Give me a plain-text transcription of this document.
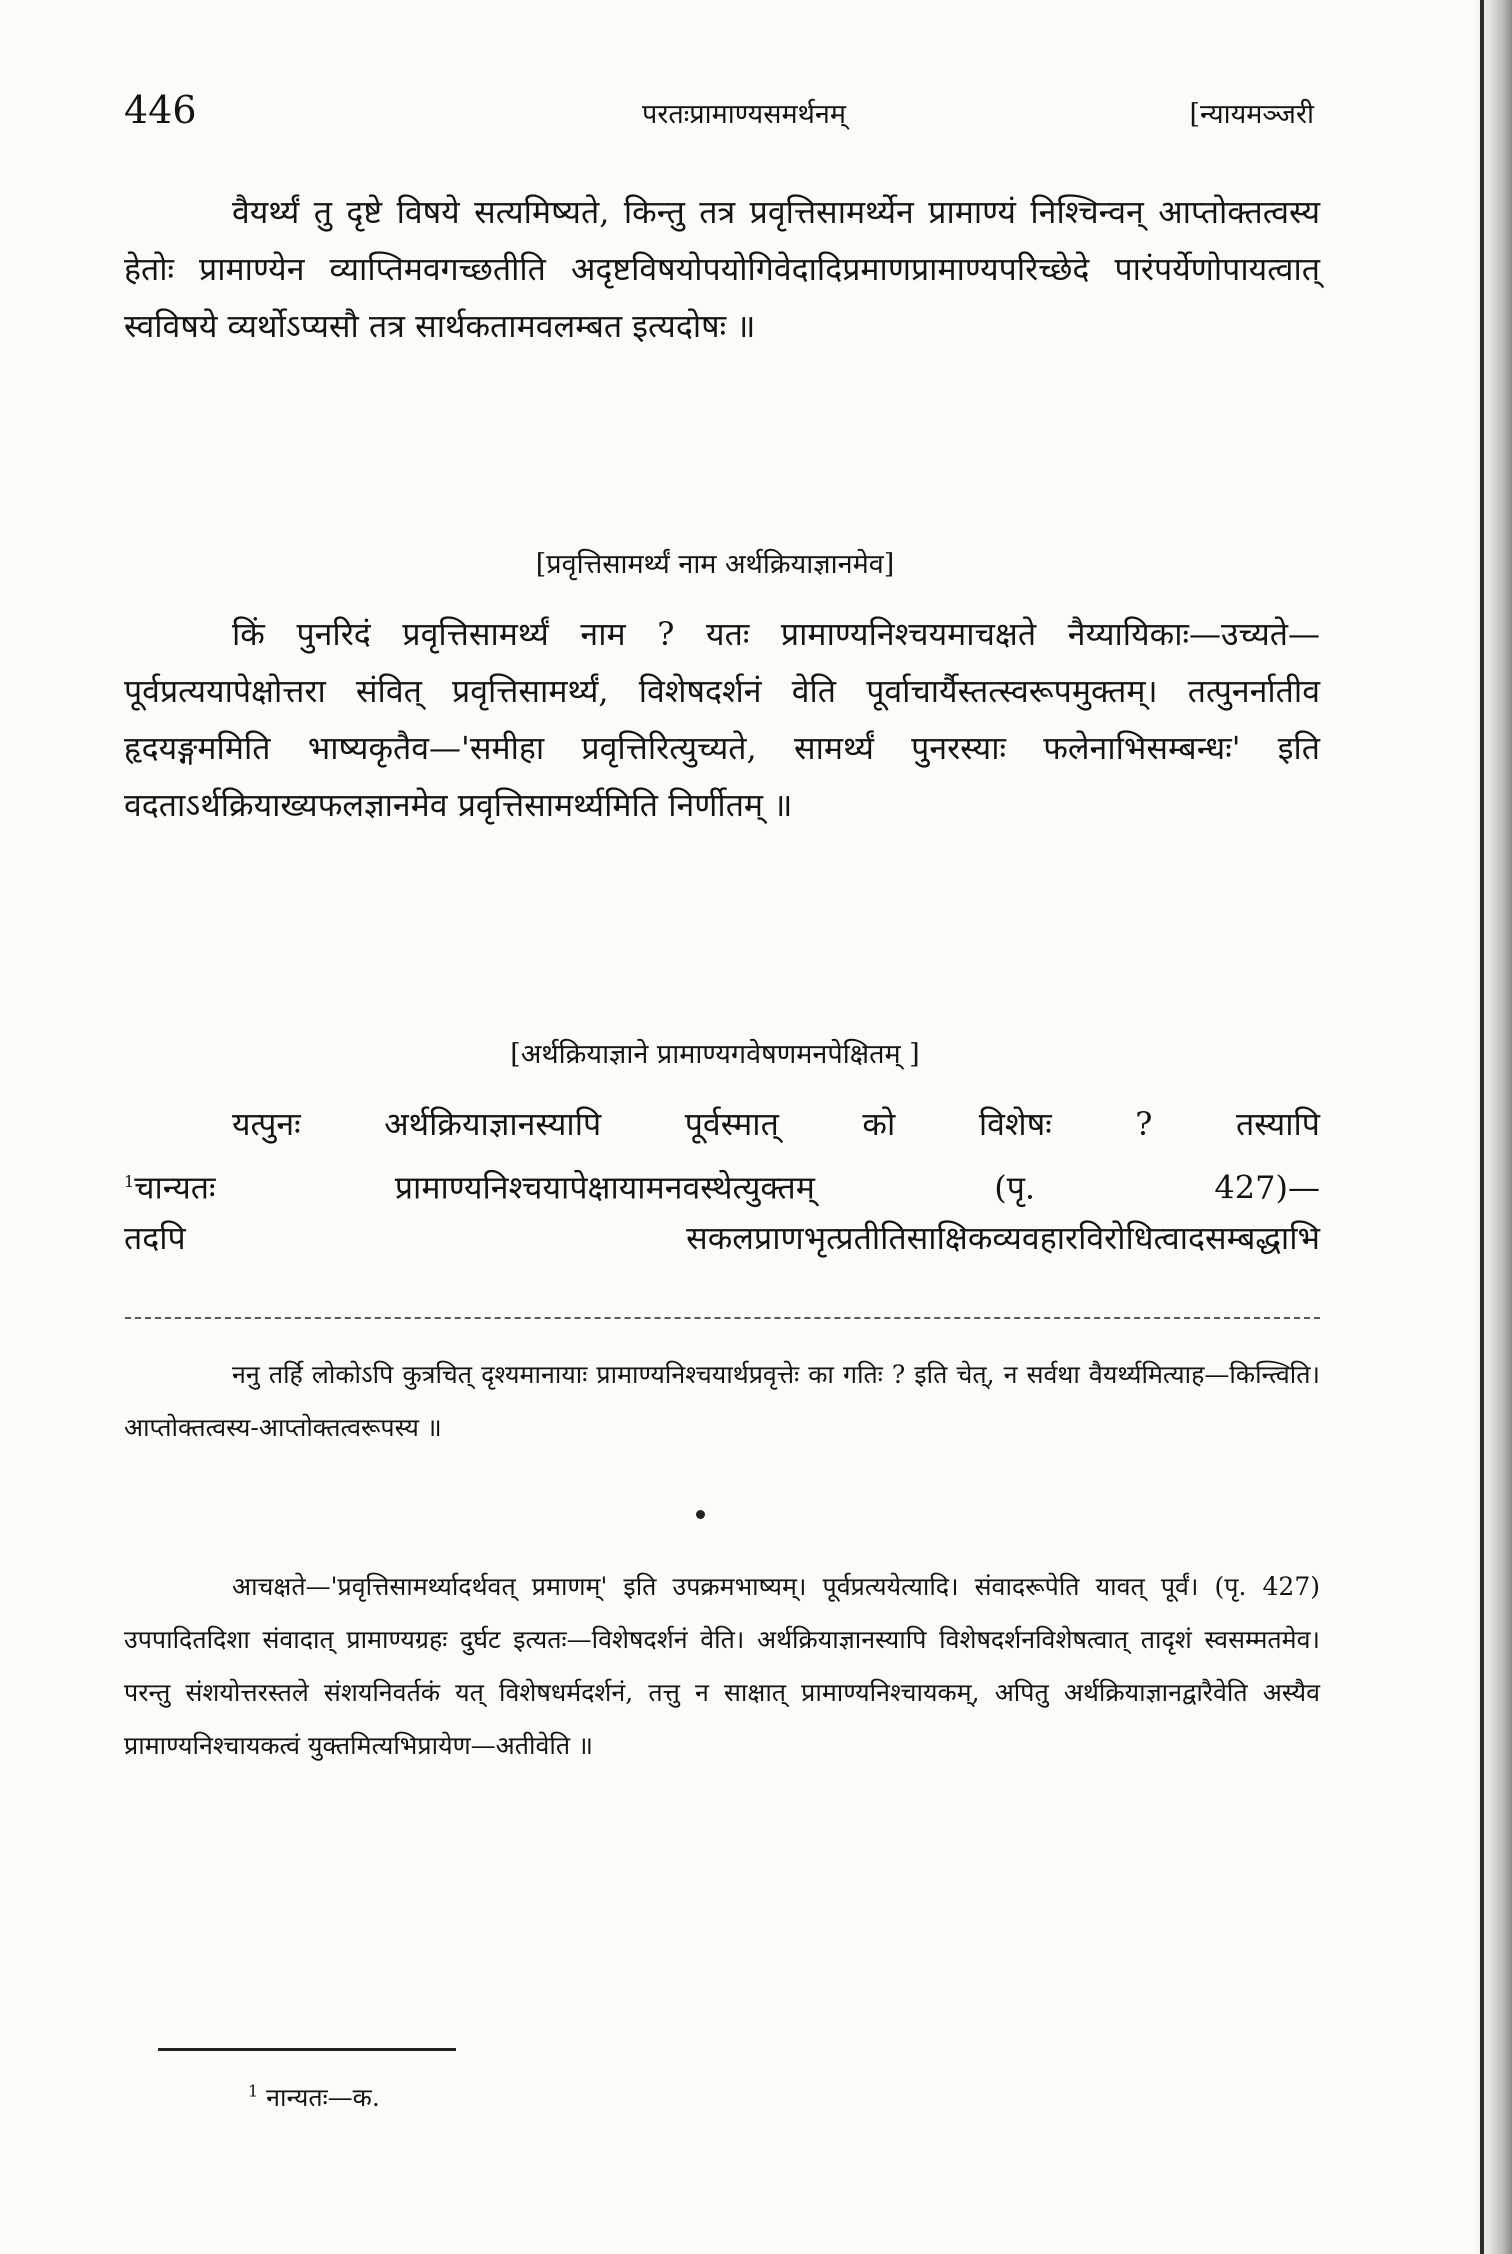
446	परतःप्रामाण्यसमर्थनम्	[न्यायमञ्जरी

वैयर्थ्यं तु दृष्टे विषये सत्यमिष्यते, किन्तु तत्र प्रवृत्तिसामर्थ्येन प्रामाण्यं निश्चिन्वन् आप्तोक्तत्वस्य हेतोः प्रामाण्येन व्याप्तिमवगच्छतीति अदृष्टविषयोपयोगिवेदादिप्रमाणप्रामाण्यपरिच्छेदे पारंपर्येणोपायत्वात् स्वविषये व्यर्थोऽप्यसौ तत्र सार्थकतामवलम्बत इत्यदोषः ॥

[प्रवृत्तिसामर्थ्यं नाम अर्थक्रियाज्ञानमेव]

किं पुनरिदं प्रवृत्तिसामर्थ्यं नाम ? यतः प्रामाण्यनिश्चयमाचक्षते नैय्यायिकाः—उच्यते—पूर्वप्रत्ययापेक्षोत्तरा संवित् प्रवृत्तिसामर्थ्यं, विशेषदर्शनं वेति पूर्वाचार्यैस्तत्स्वरूपमुक्तम्। तत्पुनर्नातीव हृदयङ्गममिति भाष्यकृतैव—'समीहा प्रवृत्तिरित्युच्यते, सामर्थ्यं पुनरस्याः फलेनाभिसम्बन्धः' इति वदताऽर्थक्रियाख्यफलज्ञानमेव प्रवृत्तिसामर्थ्यमिति निर्णीतम् ॥

[अर्थक्रियाज्ञाने प्रामाण्यगवेषणमनपेक्षितम् ]
यत्पुनः अर्थक्रियाज्ञानस्यापि पूर्वस्मात् को विशेषः ? तस्यापि
$^1$चान्यतः प्रामाण्यनिश्चयापेक्षायामनवस्थेत्युक्तम् (पृ. 427)—
तदपि सकलप्राणभृत्प्रतीतिसाक्षिकव्यवहारविरोधित्वादसम्बद्धाभि

ननु तर्हि लोकोऽपि कुत्रचित् दृश्यमानायाः प्रामाण्यनिश्चयार्थप्रवृत्तेः का गतिः ? इति चेत्, न सर्वथा वैयर्थ्यमित्याह—किन्त्विति। आप्तोक्तत्वस्य-आप्तोक्तत्वरूपस्य ॥

आचक्षते—'प्रवृत्तिसामर्थ्यादर्थवत् प्रमाणम्' इति उपक्रमभाष्यम्। पूर्वप्रत्ययेत्यादि। संवादरूपेति यावत् पूर्वं। (पृ. 427) उपपादितदिशा संवादात् प्रामाण्यग्रहः दुर्घट इत्यतः—विशेषदर्शनं वेति। अर्थक्रियाज्ञानस्यापि विशेषदर्शनविशेषत्वात् तादृशं स्वसम्मतमेव। परन्तु संशयोत्तरस्तले संशयनिवर्तकं यत् विशेषधर्मदर्शनं, तत्तु न साक्षात् प्रामाण्यनिश्चायकम्, अपितु अर्थक्रियाज्ञानद्वारैवेति अस्यैव प्रामाण्यनिश्चायकत्वं युक्तमित्यभिप्रायेण—अतीवेति ॥

$^1$ नान्यतः—क.
